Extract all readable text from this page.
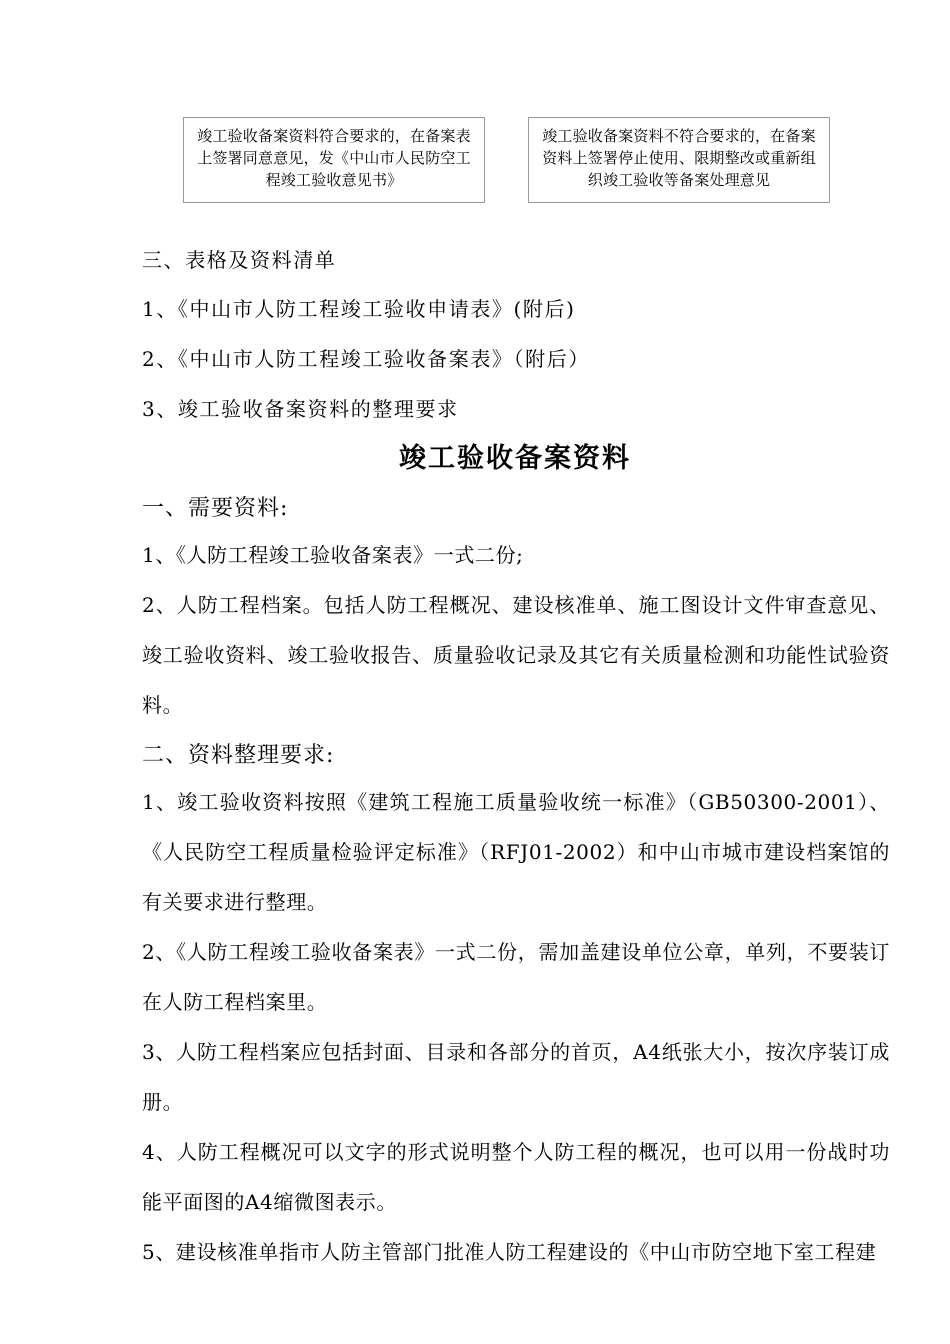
竣工验收备案资料符合要求的，在备案表上签署同意意见，发《中山市人民防空工程竣工验收意见书》
竣工验收备案资料不符合要求的，在备案资料上签署停止使用、限期整改或重新组织竣工验收等备案处理意见
三、表格及资料清单
1、《中山市人防工程竣工验收申请表》(附后)
2、《中山市人防工程竣工验收备案表》（附后）
3、竣工验收备案资料的整理要求
竣工验收备案资料
一、需要资料:
1、《人防工程竣工验收备案表》一式二份;
2、人防工程档案。包括人防工程概况、建设核准单、施工图设计文件审查意见、竣工验收资料、竣工验收报告、质量验收记录及其它有关质量检测和功能性试验资料。
二、资料整理要求:
1、竣工验收资料按照《建筑工程施工质量验收统一标准》（GB50300-2001）、《人民防空工程质量检验评定标准》（RFJ01-2002）和中山市城市建设档案馆的有关要求进行整理。
2、《人防工程竣工验收备案表》一式二份，需加盖建设单位公章，单列，不要装订在人防工程档案里。
3、人防工程档案应包括封面、目录和各部分的首页，A4纸张大小，按次序装订成册。
4、人防工程概况可以文字的形式说明整个人防工程的概况，也可以用一份战时功能平面图的A4缩微图表示。
5、建设核准单指市人防主管部门批准人防工程建设的《中山市防空地下室工程建
